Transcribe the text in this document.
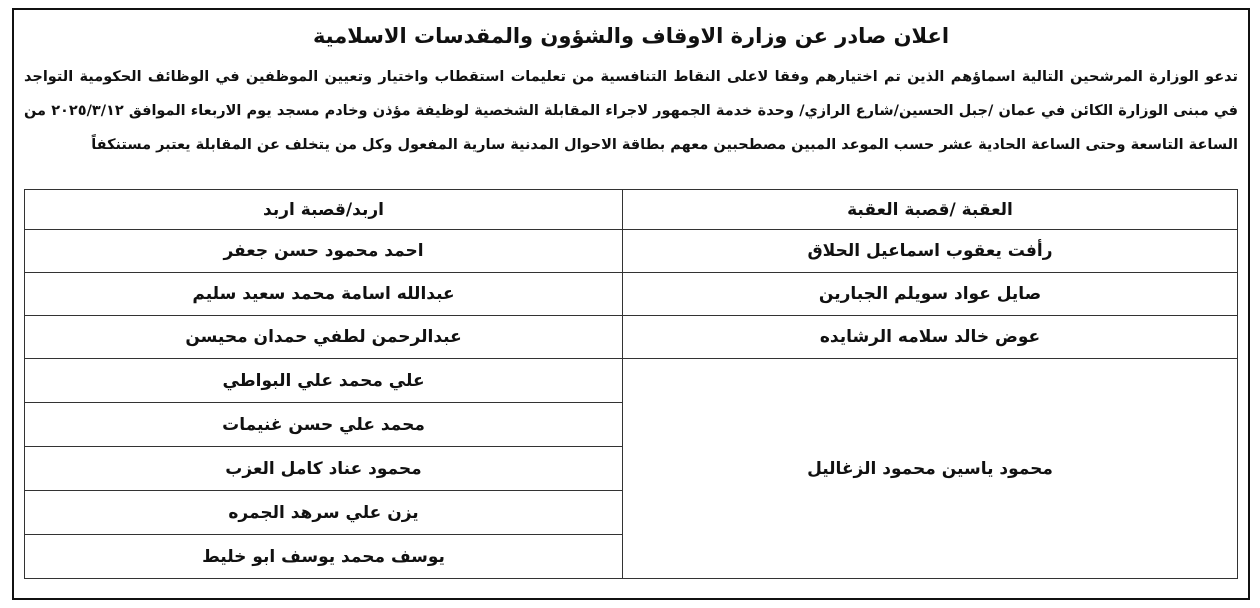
اعلان صادر عن وزارة الاوقاف والشؤون والمقدسات الاسلامية
تدعو الوزارة المرشحين التالية اسماؤهم الذين تم اختيارهم وفقا لاعلى النقاط التنافسية من تعليمات استقطاب واختيار وتعيين الموظفين في الوظائف الحكومية التواجد في مبنى الوزارة الكائن في عمان /جبل الحسين/شارع الرازي/ وحدة خدمة الجمهور لاجراء المقابلة الشخصية لوظيفة مؤذن وخادم مسجد يوم الاربعاء الموافق ٢٠٢٥/٣/١٢ من الساعة التاسعة وحتى الساعة الحادية عشر حسب الموعد المبين مصطحبين معهم بطاقة الاحوال المدنية سارية المفعول وكل من يتخلف عن المقابلة يعتبر مستنكفاً
العقبة /قصبة العقبة	اربد/قصبة اربد
رأفت يعقوب اسماعيل الحلاق	احمد محمود حسن جعفر
صايل عواد سويلم الجبارين	عبدالله اسامة محمد سعيد سليم
عوض خالد سلامه الرشايده	عبدالرحمن لطفي حمدان محيسن
محمود ياسين محمود الزغاليل	علي محمد علي البواطي
	محمد علي حسن غنيمات
	محمود عناد كامل العزب
	يزن علي سرهد الجمره
	يوسف محمد يوسف ابو خليط
